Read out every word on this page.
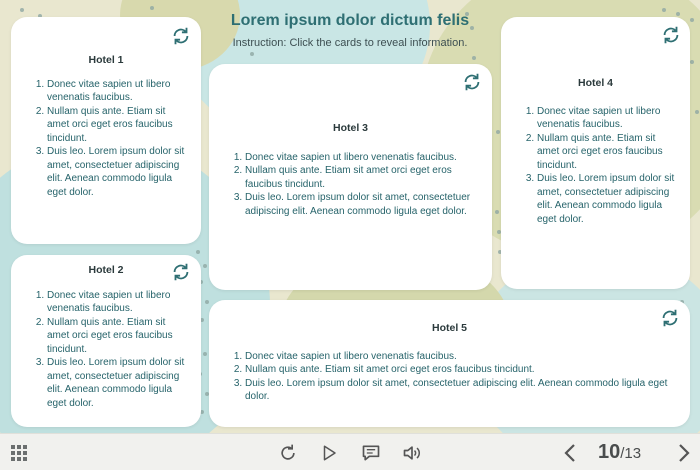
Lorem ipsum dolor dictum felis
Instruction: Click the cards to reveal information.
Hotel 1
1. Donec vitae sapien ut libero venenatis faucibus.
2. Nullam quis ante. Etiam sit amet orci eget eros faucibus tincidunt.
3. Duis leo. Lorem ipsum dolor sit amet, consectetuer adipiscing elit. Aenean commodo ligula eget dolor.
Hotel 2
1. Donec vitae sapien ut libero venenatis faucibus.
2. Nullam quis ante. Etiam sit amet orci eget eros faucibus tincidunt.
3. Duis leo. Lorem ipsum dolor sit amet, consectetuer adipiscing elit. Aenean commodo ligula eget dolor.
Hotel 3
1. Donec vitae sapien ut libero venenatis faucibus.
2. Nullam quis ante. Etiam sit amet orci eget eros faucibus tincidunt.
3. Duis leo. Lorem ipsum dolor sit amet, consectetuer adipiscing elit. Aenean commodo ligula eget dolor.
Hotel 4
1. Donec vitae sapien ut libero venenatis faucibus.
2. Nullam quis ante. Etiam sit amet orci eget eros faucibus tincidunt.
3. Duis leo. Lorem ipsum dolor sit amet, consectetuer adipiscing elit. Aenean commodo ligula eget dolor.
Hotel 5
1. Donec vitae sapien ut libero venenatis faucibus.
2. Nullam quis ante. Etiam sit amet orci eget eros faucibus tincidunt.
3. Duis leo. Lorem ipsum dolor sit amet, consectetuer adipiscing elit. Aenean commodo ligula eget dolor.
10/13
